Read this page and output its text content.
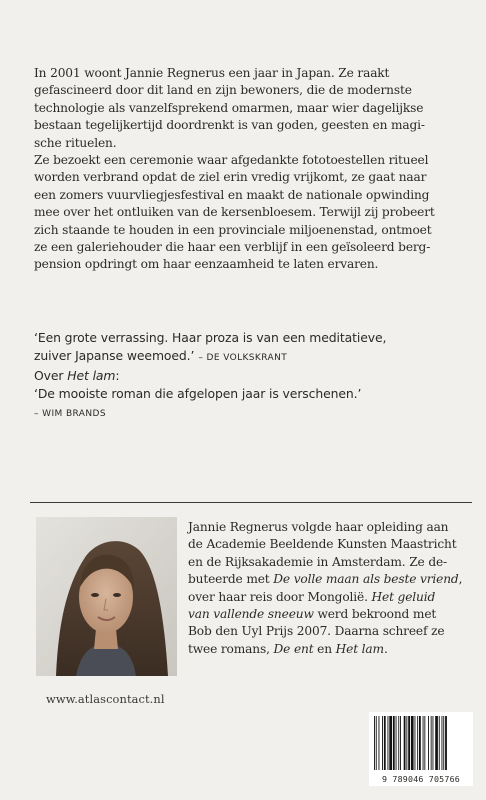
In 2001 woont Jannie Regnerus een jaar in Japan. Ze raakt
gefascineerd door dit land en zijn bewoners, die de modernste
technologie als vanzelfsprekend omarmen, maar wier dagelijkse
bestaan tegelijkertijd doordrenkt is van goden, geesten en magi-
sche rituelen.

Ze bezoekt een ceremonie waar afgedankte fototoestellen ritueel
worden verbrand opdat de ziel erin vredig vrijkomt, ze gaat naar
een zomers vuurvliegjesfestival en maakt de nationale opwinding
mee over het ontluiken van de kersenbloesem. Terwijl zij probeert
zich staande te houden in een provinciale miljoenenstad, ontmoet
ze een galeriehouder die haar een verblijf in een geïsoleerd berg-
pension opdringt om haar eenzaamheid te laten ervaren.

‘Een grote verrassing. Haar proza is van een meditatieve,
zuiver Japanse weemoed.’ – DE VOLKSKRANT

Over Het lam:

‘De mooiste roman die afgelopen jaar is verschenen.’
– WIM BRANDS

Jannie Regnerus volgde haar opleiding aan
de Academie Beeldende Kunsten Maastricht
en de Rijksakademie in Amsterdam. Ze de-
buteerde met De volle maan als beste vriend,
over haar reis door Mongolië. Het geluid
van vallende sneeuw werd bekroond met
Bob den Uyl Prijs 2007. Daarna schreef ze
twee romans, De ent en Het lam.

www.atlascontact.nl
9 789046 705766
